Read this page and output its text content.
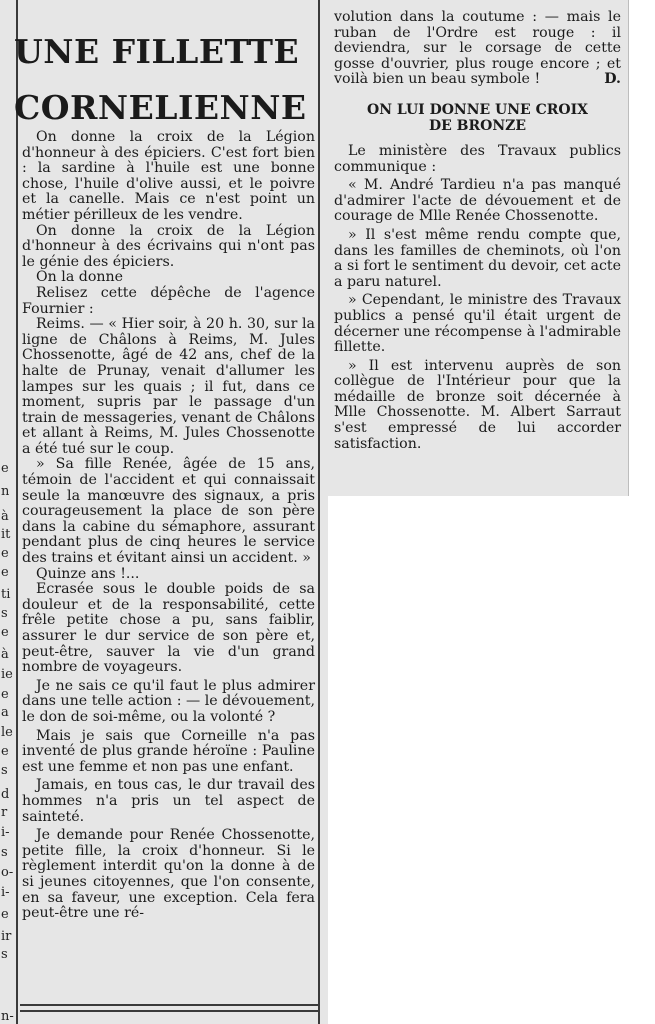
e
n
à
it
e
e
ti
s
e
à
ie
e
a
le
e
s
d
r
i-
s
o-
i-
e
ir
s
n-
UNE FILLETTE
CORNELIENNE

On donne la croix de la Légion d'honneur à des épiciers. C'est fort bien : la sardine à l'huile est une bonne chose, l'huile d'olive aussi, et le poivre et la canelle. Mais ce n'est point un métier périlleux de les vendre.

On donne la croix de la Légion d'honneur à des écrivains qui n'ont pas le génie des épiciers.

On la donne

Relisez cette dépêche de l'agence Fournier :

Reims. — « Hier soir, à 20 h. 30, sur la ligne de Châlons à Reims, M. Jules Chossenotte, âgé de 42 ans, chef de la halte de Prunay, venait d'allumer les lampes sur les quais ; il fut, dans ce moment, supris par le passage d'un train de messageries, venant de Châlons et allant à Reims, M. Jules Chossenotte a été tué sur le coup.

» Sa fille Renée, âgée de 15 ans, témoin de l'accident et qui connaissait seule la manœuvre des signaux, a pris courageusement la place de son père dans la cabine du sémaphore, assurant pendant plus de cinq heures le service des trains et évitant ainsi un accident. »

Quinze ans !...

Ecrasée sous le double poids de sa douleur et de la responsabilité, cette frêle petite chose a pu, sans faiblir, assurer le dur service de son père et, peut-être, sauver la vie d'un grand nombre de voyageurs.

Je ne sais ce qu'il faut le plus admirer dans une telle action : — le dévouement, le don de soi-même, ou la volonté ?

Mais je sais que Corneille n'a pas inventé de plus grande héroïne : Pauline est une femme et non pas une enfant.

Jamais, en tous cas, le dur travail des hommes n'a pris un tel aspect de sainteté.

Je demande pour Renée Chossenotte, petite fille, la croix d'honneur. Si le règlement interdit qu'on la donne à de si jeunes citoyennes, que l'on consente, en sa faveur, une exception. Cela fera peut-être une ré-

volution dans la coutume : — mais le ruban de l'Ordre est rouge : il deviendra, sur le corsage de cette gosse d'ouvrier, plus rouge encore ; et voilà bien un beau symbole !	D.

ON LUI DONNE UNE CROIX
DE BRONZE

Le ministère des Travaux publics communique :

« M. André Tardieu n'a pas manqué d'admirer l'acte de dévouement et de courage de Mlle Renée Chossenotte.

» Il s'est même rendu compte que, dans les familles de cheminots, où l'on a si fort le sentiment du devoir, cet acte a paru naturel.

» Cependant, le ministre des Travaux publics a pensé qu'il était urgent de décerner une récompense à l'admirable fillette.

» Il est intervenu auprès de son collègue de l'Intérieur pour que la médaille de bronze soit décernée à Mlle Chossenotte. M. Albert Sarraut s'est empressé de lui accorder satisfaction.
